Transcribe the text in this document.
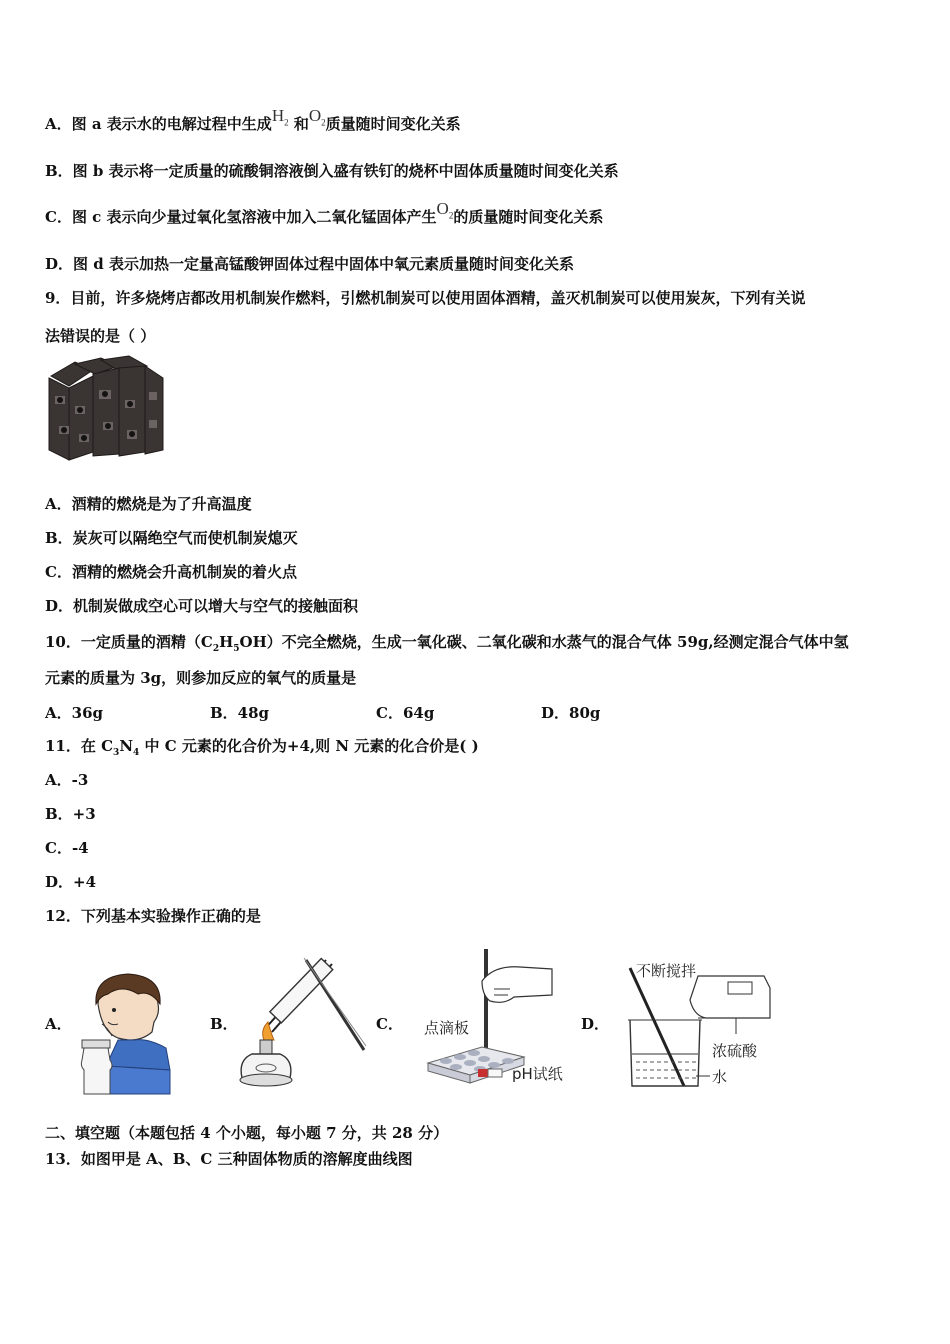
A．图 a 表示水的电解过程中生成$H_2$ 和$O_2$质量随时间变化关系
B．图 b 表示将一定质量的硫酸铜溶液倒入盛有铁钉的烧杯中固体质量随时间变化关系
C．图 c 表示向少量过氧化氢溶液中加入二氧化锰固体产生$O_2$的质量随时间变化关系
D．图 d 表示加热一定量高锰酸钾固体过程中固体中氧元素质量随时间变化关系
9．目前，许多烧烤店都改用机制炭作燃料，引燃机制炭可以使用固体酒精，盖灭机制炭可以使用炭灰，下列有关说
法错误的是（ ）
A．酒精的燃烧是为了升高温度
B．炭灰可以隔绝空气而使机制炭熄灭
C．酒精的燃烧会升高机制炭的着火点
D．机制炭做成空心可以增大与空气的接触面积
10．一定质量的酒精$(C_2H_5OH)$不完全燃烧，生成一氧化碳、二氧化碳和水蒸气的混合气体 59g,经测定混合气体中氢
元素的质量为 3g，则参加反应的氧气的质量是
A．36g	B．48g	C．64g	D．80g
11．在 $C_3N_4$ 中 C 元素的化合价为+4,则 N 元素的化合价是( )
A．-3
B．+3
C．-4
D．+4
12．下列基本实验操作正确的是
A．	B．	C． 点滴板
pH试纸
D．
不断搅拌
浓硫酸
水
二、填空题（本题包括 4 个小题，每小题 7 分，共 28 分）
13．如图甲是 A、B、C 三种固体物质的溶解度曲线图
